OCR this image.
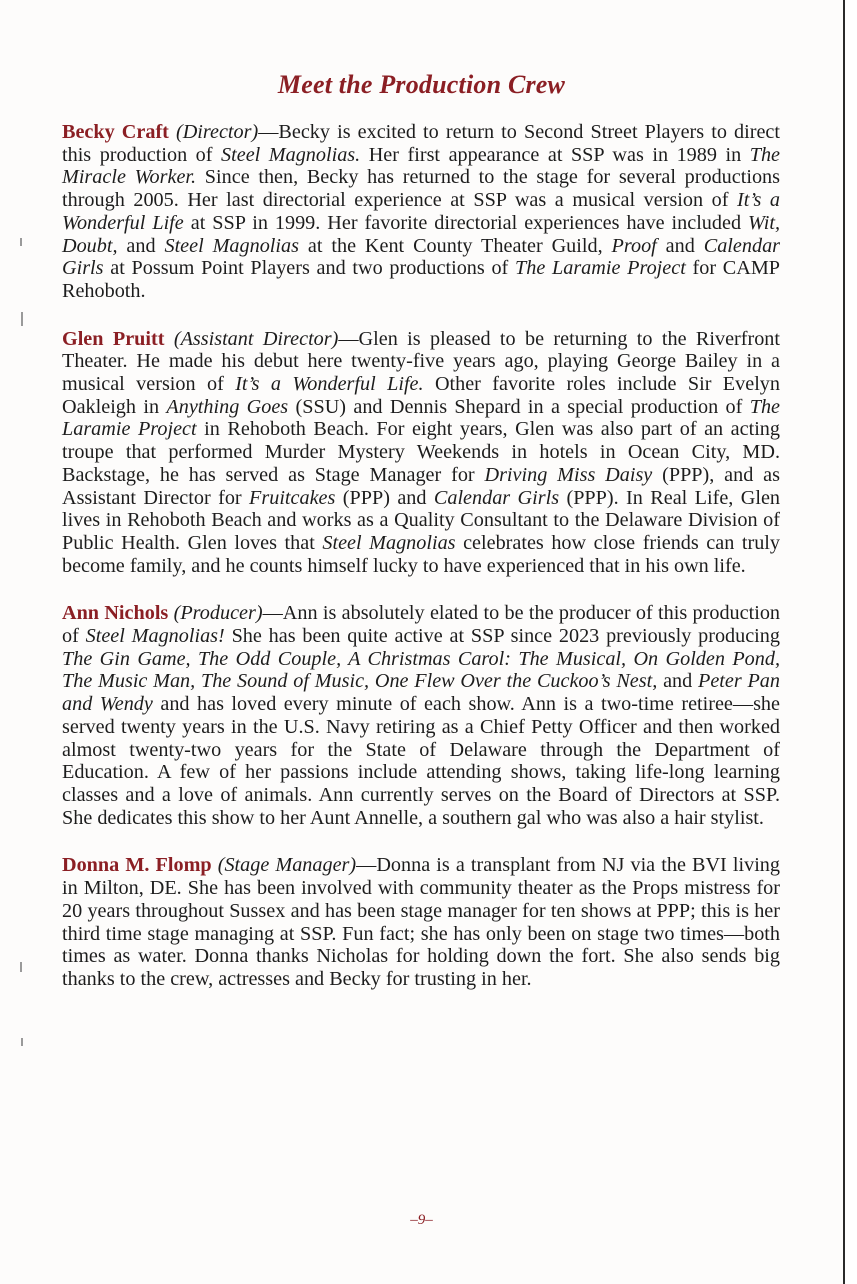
Meet the Production Crew

Becky Craft (Director)—Becky is excited to return to Second Street Players to direct this production of Steel Magnolias. Her first appearance at SSP was in 1989 in The Miracle Worker. Since then, Becky has returned to the stage for several productions through 2005. Her last directorial experience at SSP was a musical version of It’s a Wonderful Life at SSP in 1999. Her favorite directorial experiences have included Wit, Doubt, and Steel Magnolias at the Kent County Theater Guild, Proof and Calendar Girls at Possum Point Players and two productions of The Laramie Project for CAMP Rehoboth.

Glen Pruitt (Assistant Director)—Glen is pleased to be returning to the Riverfront Theater. He made his debut here twenty-five years ago, playing George Bailey in a musical version of It’s a Wonderful Life. Other favorite roles include Sir Evelyn Oakleigh in Anything Goes (SSU) and Dennis Shepard in a special production of The Laramie Project in Rehoboth Beach. For eight years, Glen was also part of an acting troupe that performed Murder Mystery Weekends in hotels in Ocean City, MD. Backstage, he has served as Stage Manager for Driving Miss Daisy (PPP), and as Assistant Director for Fruitcakes (PPP) and Calendar Girls (PPP). In Real Life, Glen lives in Rehoboth Beach and works as a Quality Consultant to the Delaware Division of Public Health. Glen loves that Steel Magnolias celebrates how close friends can truly become family, and he counts himself lucky to have experienced that in his own life.

Ann Nichols (Producer)—Ann is absolutely elated to be the producer of this production of Steel Magnolias! She has been quite active at SSP since 2023 previously producing The Gin Game, The Odd Couple, A Christmas Carol: The Musical, On Golden Pond, The Music Man, The Sound of Music, One Flew Over the Cuckoo’s Nest, and Peter Pan and Wendy and has loved every minute of each show. Ann is a two-time retiree—she served twenty years in the U.S. Navy retiring as a Chief Petty Officer and then worked almost twenty-two years for the State of Delaware through the Department of Education. A few of her passions include attending shows, taking life-long learning classes and a love of animals. Ann currently serves on the Board of Directors at SSP. She dedicates this show to her Aunt Annelle, a southern gal who was also a hair stylist.

Donna M. Flomp (Stage Manager)—Donna is a transplant from NJ via the BVI living in Milton, DE. She has been involved with community theater as the Props mistress for 20 years throughout Sussex and has been stage manager for ten shows at PPP; this is her third time stage managing at SSP. Fun fact; she has only been on stage two times—both times as water. Donna thanks Nicholas for holding down the fort. She also sends big thanks to the crew, actresses and Becky for trusting in her.

–9–
